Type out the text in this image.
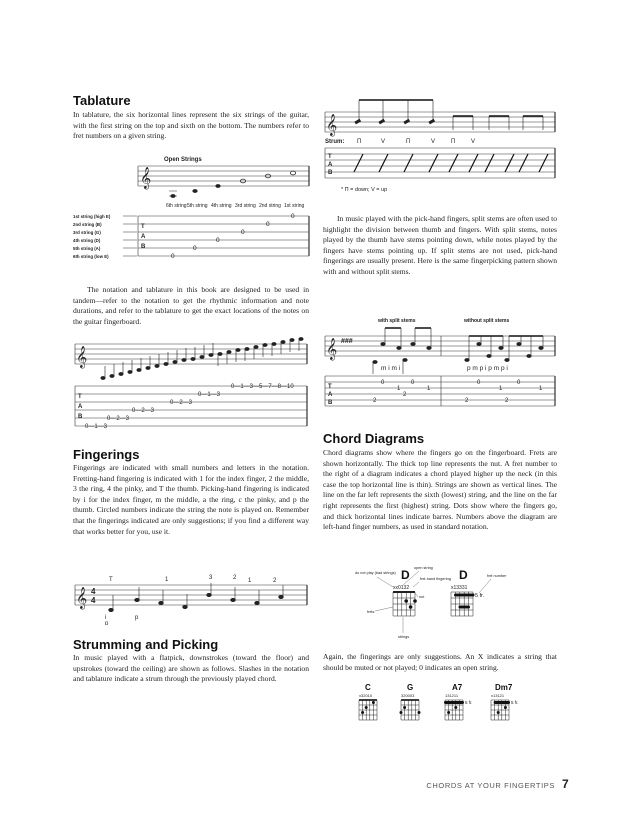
Tablature

In tablature, the six horizontal lines represent the six strings of the guitar, with the first string on the top and sixth on the bottom. The numbers refer to fret numbers on a given string.

Open Strings
𝄞
6th string 5th string 4th string 3rd string 2nd string 1st string
T
A
B
1st string (high E)
2nd string (B)
3rd string (G)
4th string (D)
5th string (A)
6th string (low E)	0
0
0
0
0
0

The notation and tablature in this book are designed to be used in tandem—refer to the notation to get the rhythmic information and note durations, and refer to the tablature to get the exact locations of the notes on the guitar fingerboard.

𝄞
T
A
B
0—1—3—5—7—8—10
0—1—3
0—2—3
0—2—3
0—2—3
0—1—3
Fingerings

Fingerings are indicated with small numbers and letters in the notation. Fretting-hand fingering is indicated with 1 for the index finger, 2 the middle, 3 the ring, 4 the pinky, and T the thumb. Picking-hand fingering is indicated by i for the index finger, m the middle, a the ring, c the pinky, and p the thumb. Circled numbers indicate the string the note is played on. Remember that the fingerings indicated are only suggestions; if you find a different way that works better for you, use it.

𝄞 4
4
T	1	3	2 1	2
i
p
p
Strumming and Picking

In music played with a flatpick, downstrokes (toward the floor) and upstrokes (toward the ceiling) are shown as follows. Slashes in the notation and tablature indicate a strum through the previously played chord.

𝄞
Strum: Π	V	Π	V	Π	V
T
A
B
* Π = down; V = up

In music played with the pick-hand fingers, split stems are often used to highlight the division between thumb and fingers. With split stems, notes played by the thumb have stems pointing down, while notes played by the fingers have stems pointing up. If split stems are not used, pick-hand fingerings are usually present. Here is the same fingerpicking pattern shown with and without split stems.

with split stems	without split stems
𝄞 ###
m i m i	p m p i p m p i
T
A
B
0
1
2
0
1
2
0
1
2
0
1
2
Chord Diagrams

Chord diagrams show where the fingers go on the fingerboard. Frets are shown horizontally. The thick top line represents the nut. A fret number to the right of a diagram indicates a chord played higher up the neck (in this case the top horizontal line is thin). Strings are shown as vertical lines. The line on the far left represents the sixth (lowest) string, and the line on the far right represents the first (highest) string. Dots show where the fingers go, and thick horizontal lines indicate barres. Numbers above the diagram are left-hand finger numbers, as used in standard notation.

do not play (bad strings)
open string
fret-hand fingering
nut
frets
strings
fret number
D
xx0132
D
x13331
5 fr.

Again, the fingerings are only suggestions. An X indicates a string that should be muted or not played; 0 indicates an open string.

C
x32010
G
320003
A7
131211
5 fr.
Dm7
x13121
5 fr.
CHORDS AT YOUR FINGERTIPS 7
